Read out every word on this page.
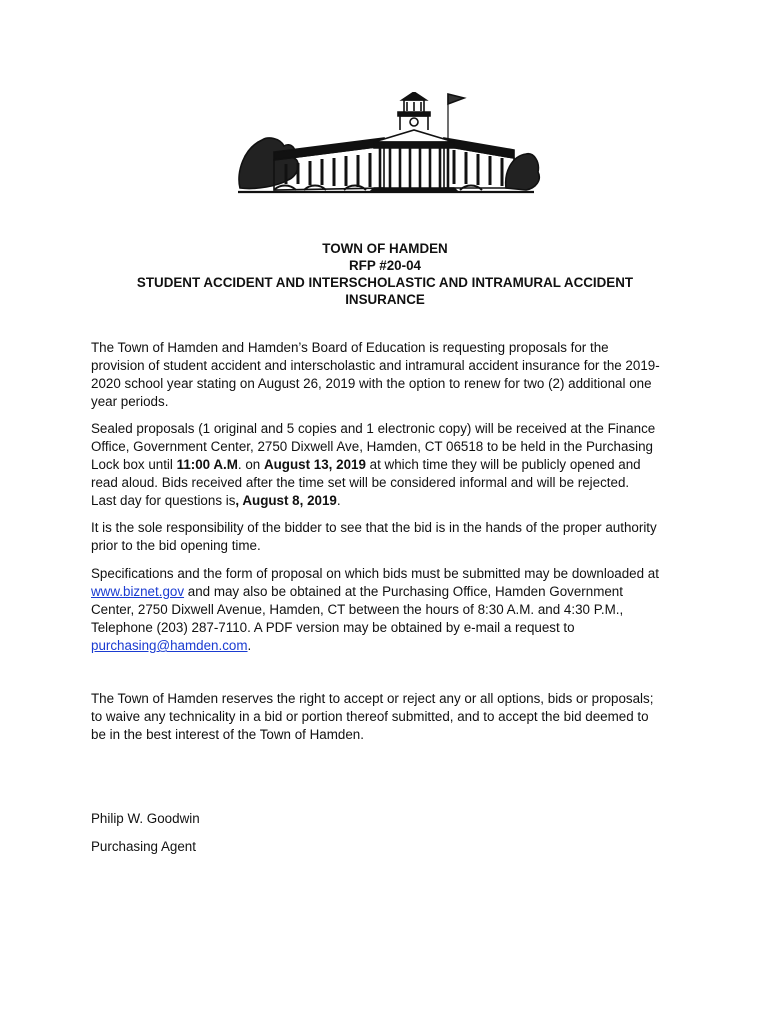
TOWN OF HAMDEN
RFP #20-04
STUDENT ACCIDENT AND INTERSCHOLASTIC AND INTRAMURAL ACCIDENT
INSURANCE
The Town of Hamden and Hamden’s Board of Education is requesting proposals for the
provision of student accident and interscholastic and intramural accident insurance for the 2019-
2020 school year stating on August 26, 2019 with the option to renew for two (2) additional one
year periods.
Sealed proposals (1 original and 5 copies and 1 electronic copy) will be received at the Finance
Office, Government Center, 2750 Dixwell Ave, Hamden, CT 06518 to be held in the Purchasing
Lock box until 11:00 A.M. on August 13, 2019 at which time they will be publicly opened and
read aloud. Bids received after the time set will be considered informal and will be rejected.
Last day for questions is, August 8, 2019.
It is the sole responsibility of the bidder to see that the bid is in the hands of the proper authority
prior to the bid opening time.
Specifications and the form of proposal on which bids must be submitted may be downloaded at
www.biznet.gov and may also be obtained at the Purchasing Office, Hamden Government
Center, 2750 Dixwell Avenue, Hamden, CT between the hours of 8:30 A.M. and 4:30 P.M.,
Telephone (203) 287-7110. A PDF version may be obtained by e-mail a request to
purchasing@hamden.com.
The Town of Hamden reserves the right to accept or reject any or all options, bids or proposals;
to waive any technicality in a bid or portion thereof submitted, and to accept the bid deemed to
be in the best interest of the Town of Hamden.
Philip W. Goodwin
Purchasing Agent
